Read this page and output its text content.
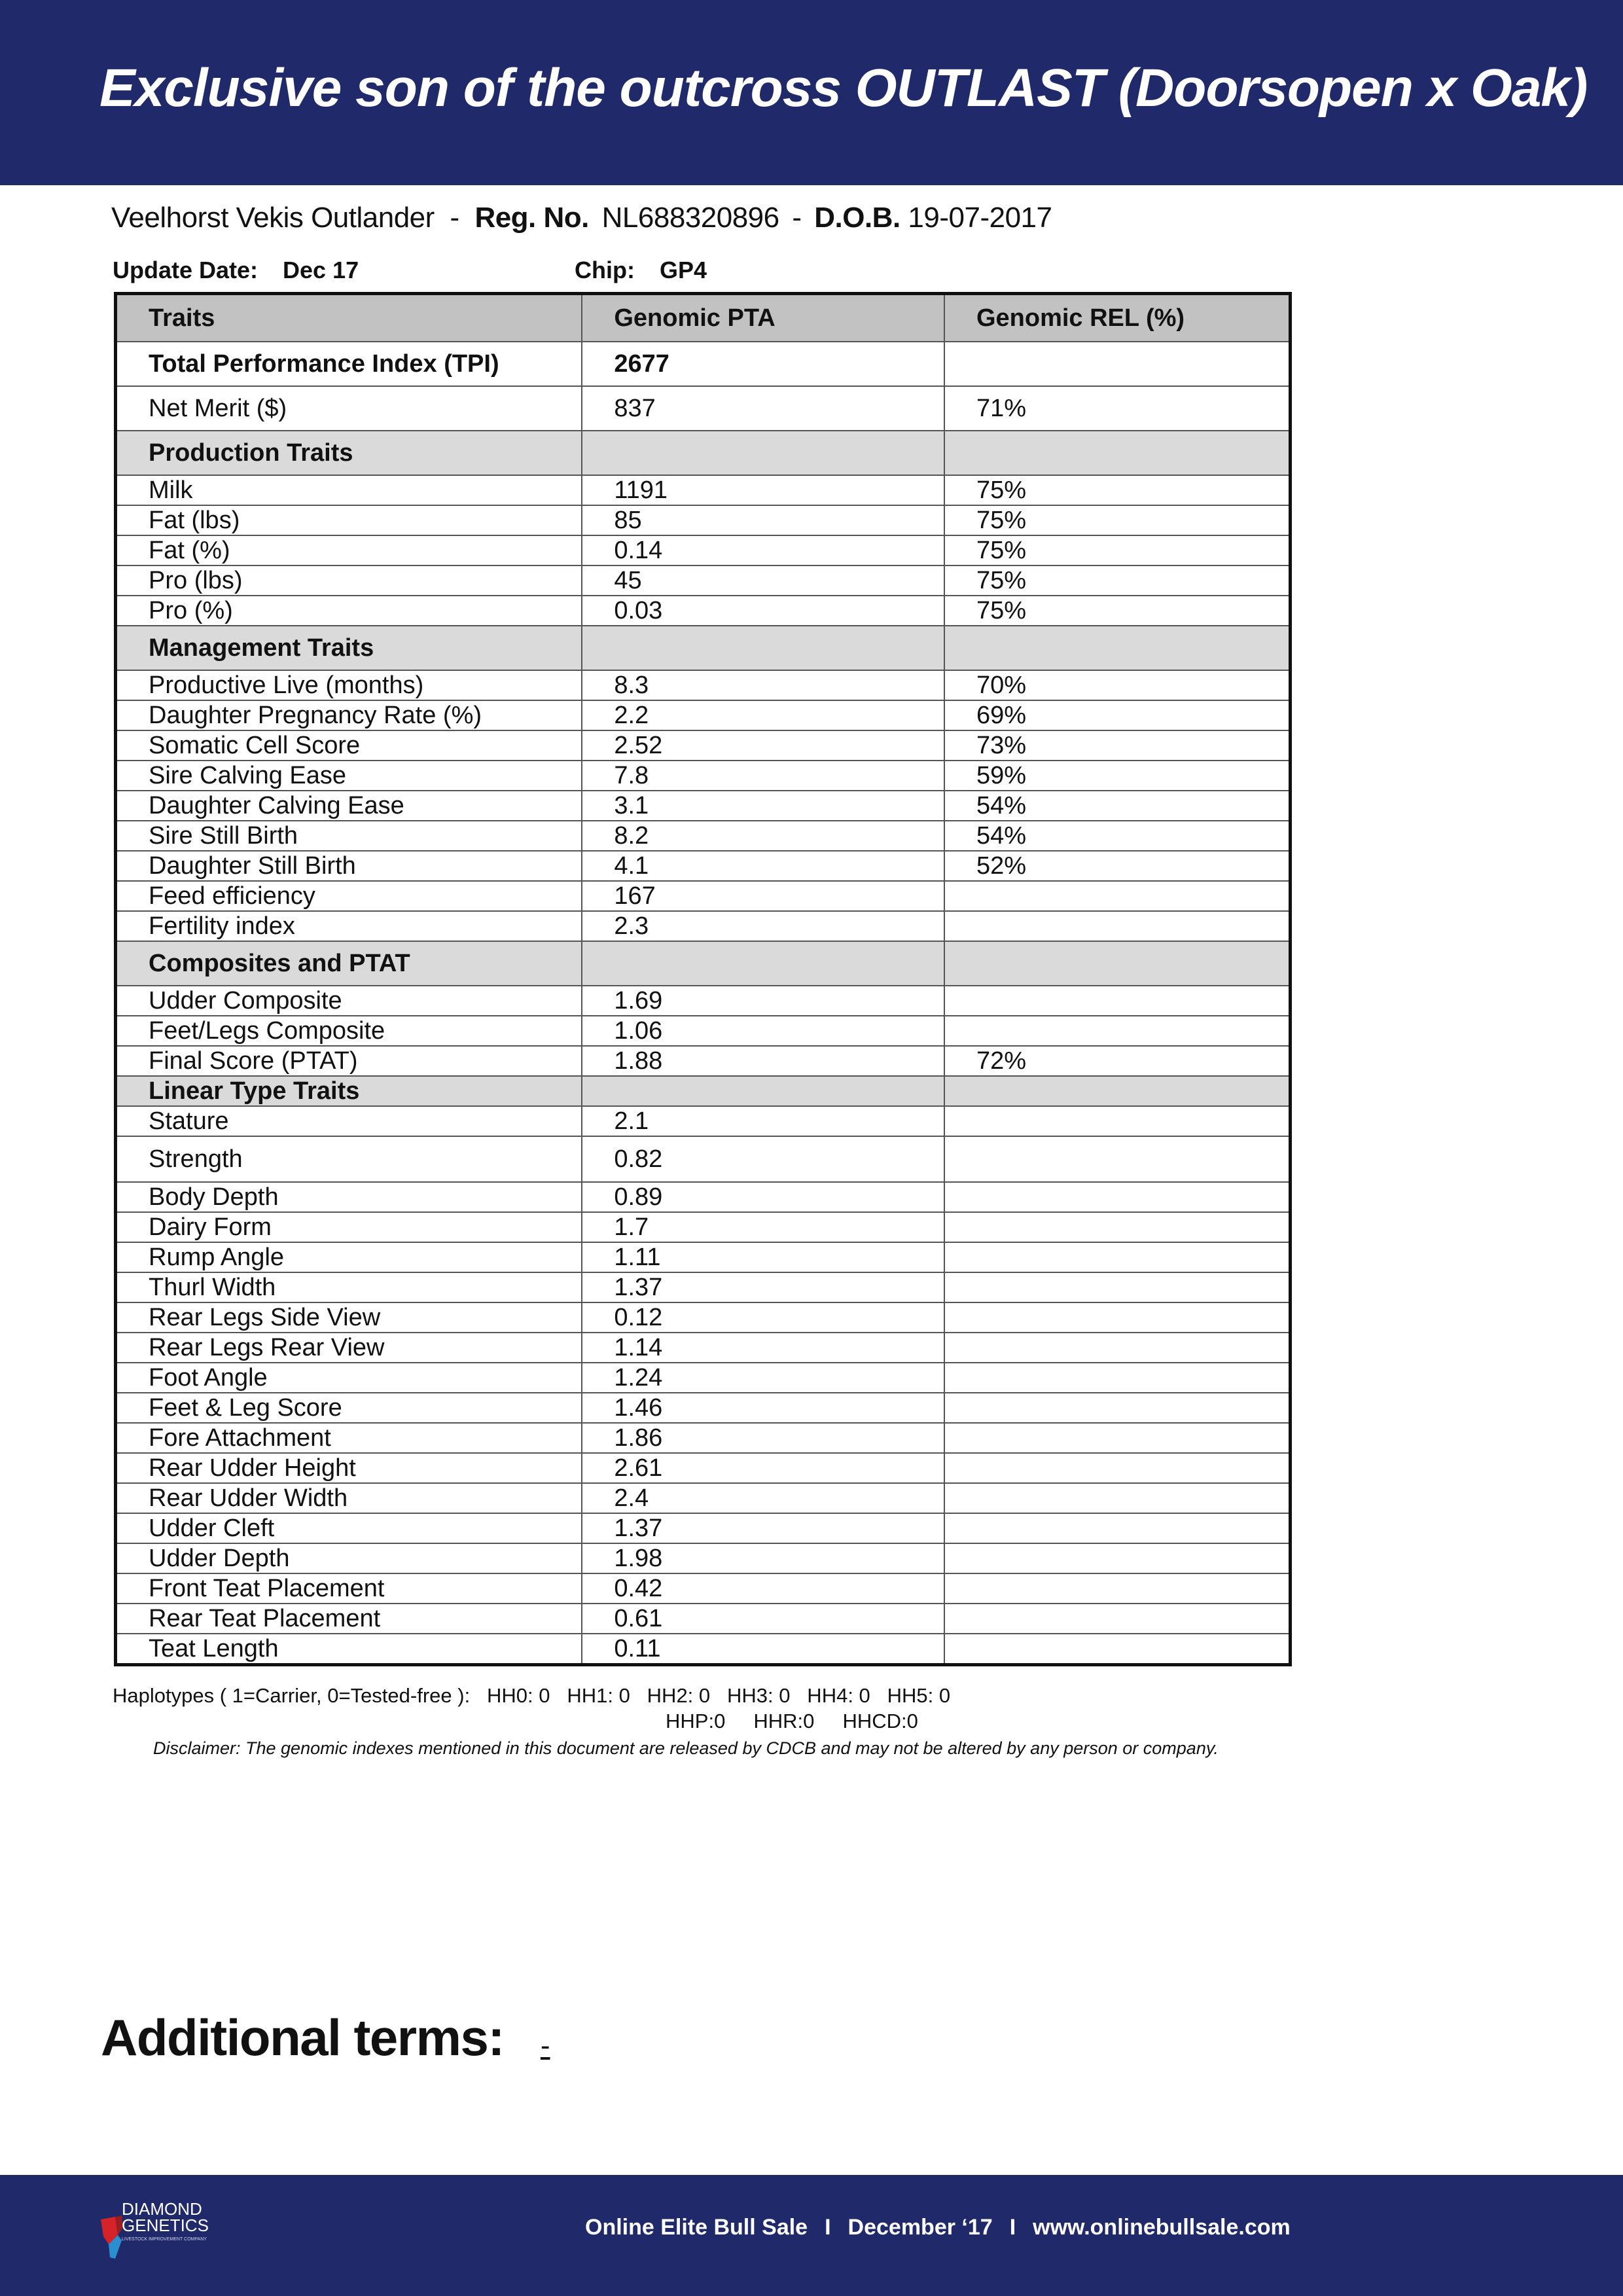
Exclusive son of the outcross OUTLAST (Doorsopen x Oak)
Veelhorst Vekis Outlander - Reg. No. NL688320896 - D.O.B. 19-07-2017
Update Date: Dec 17	Chip: GP4
Traits	Genomic PTA	Genomic REL (%)
Total Performance Index (TPI)	2677	
Net Merit ($)	837	71%
Production Traits		
Milk	1191	75%
Fat (lbs)	85	75%
Fat (%)	0.14	75%
Pro (lbs)	45	75%
Pro (%)	0.03	75%
Management Traits		
Productive Live (months)	8.3	70%
Daughter Pregnancy Rate (%)	2.2	69%
Somatic Cell Score	2.52	73%
Sire Calving Ease	7.8	59%
Daughter Calving Ease	3.1	54%
Sire Still Birth	8.2	54%
Daughter Still Birth	4.1	52%
Feed efficiency	167	
Fertility index	2.3	
Composites and PTAT		
Udder Composite	1.69	
Feet/Legs Composite	1.06	
Final Score (PTAT)	1.88	72%
Linear Type Traits		
Stature	2.1	
Strength	0.82	
Body Depth	0.89	
Dairy Form	1.7	
Rump Angle	1.11	
Thurl Width	1.37	
Rear Legs Side View	0.12	
Rear Legs Rear View	1.14	
Foot Angle	1.24	
Feet & Leg Score	1.46	
Fore Attachment	1.86	
Rear Udder Height	2.61	
Rear Udder Width	2.4	
Udder Cleft	1.37	
Udder Depth	1.98	
Front Teat Placement	0.42	
Rear Teat Placement	0.61	
Teat Length	0.11	
Haplotypes ( 1=Carrier, 0=Tested-free ):   HH0: 0   HH1: 0   HH2: 0   HH3: 0   HH4: 0   HH5: 0
HHP:0     HHR:0     HHCD:0
Disclaimer: The genomic indexes mentioned in this document are released by CDCB and may not be altered by any person or company.
Additional terms: -
DIAMOND
GENETICS
LIVESTOCK IMPROVEMENT COMPANY	Online Elite Bull Sale I December ‘17 I www.onlinebullsale.com
